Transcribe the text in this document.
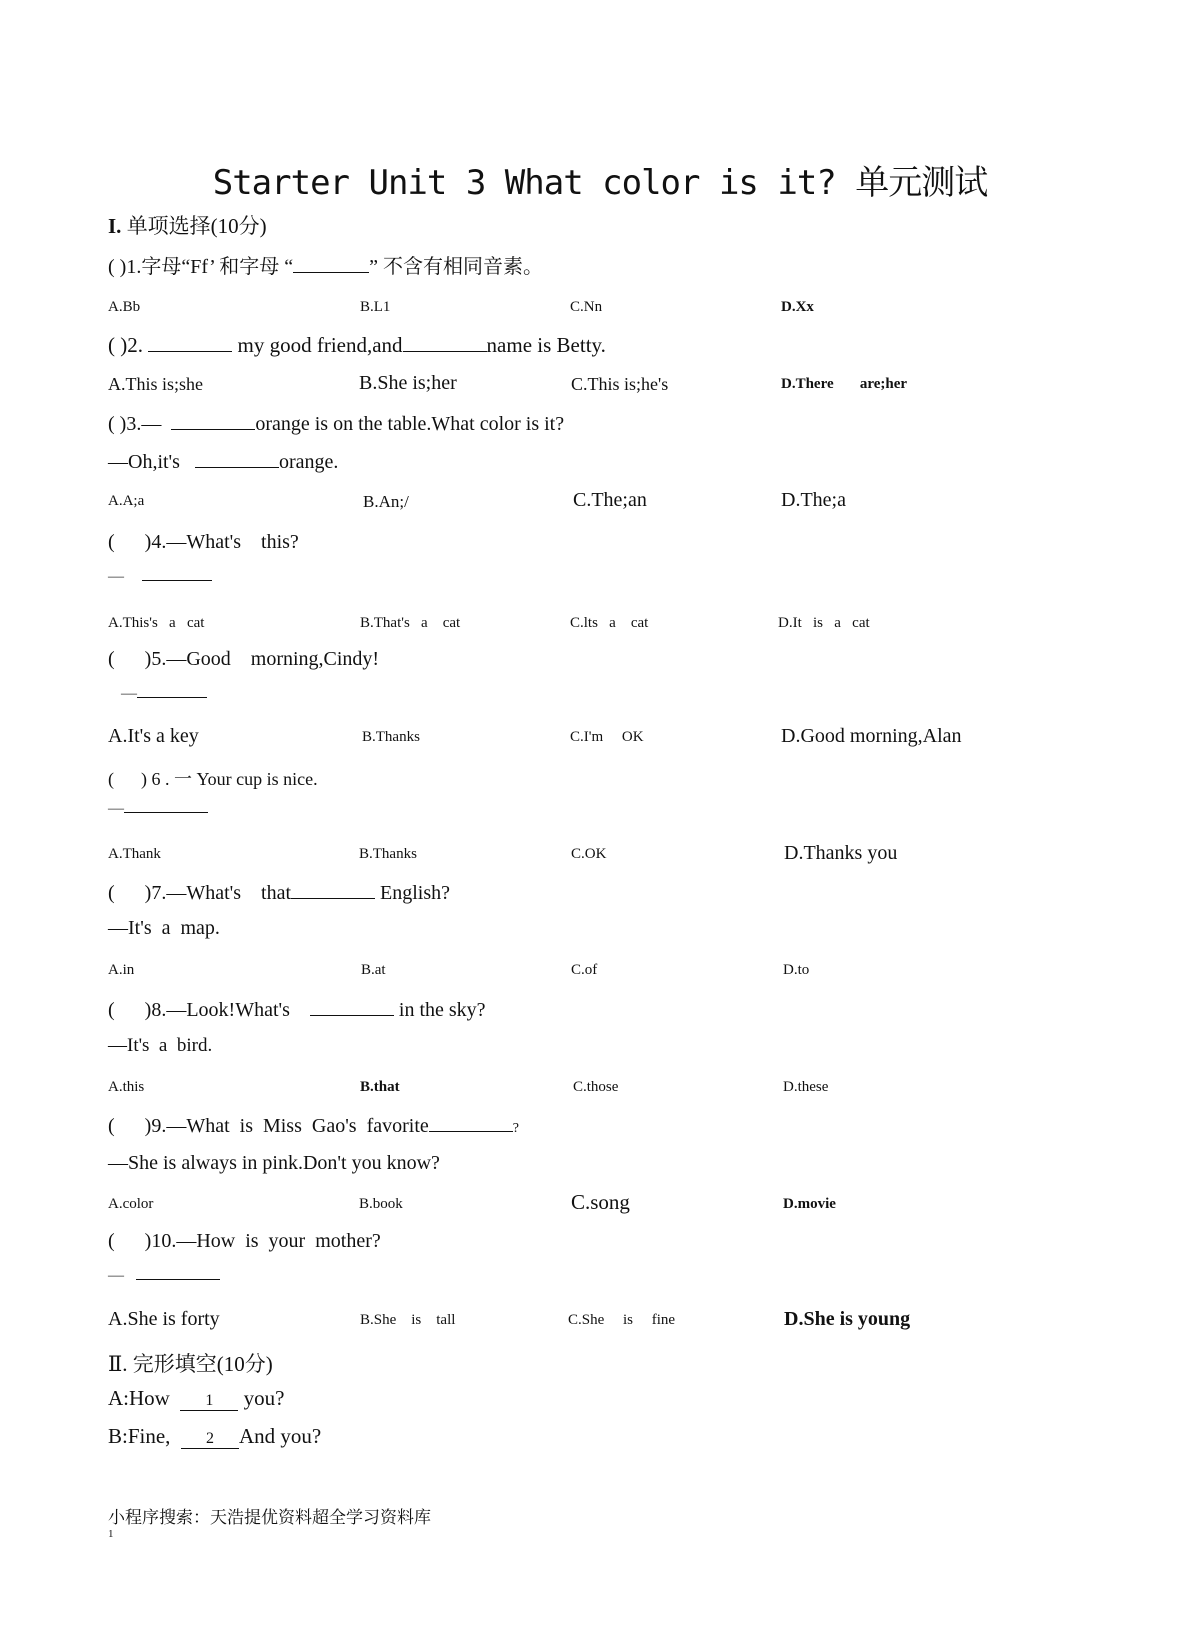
Starter Unit 3 What color is it? 单元测试
I. 单项选择(10分)
( )1.字母“Ff’ 和字母 “	” 不含有相同音素。
A.Bb	B.L1	C.Nn	D.Xx
( )2.	my good friend,and	name is Betty.
A.This is;she	B.She is;her	C.This is;he's	D.There       are;her
( )3.—	orange is on the table.What color is it?
—Oh,it's	orange.
A.A;a	B.An;/	C.The;an	D.The;a
(      )4.—What's    this?
—
A.This's   a   cat	B.That's   a    cat	C.lts   a    cat	D.It   is   a   cat
(      )5.—Good    morning,Cindy!
—
A.It's a key	B.Thanks	C.I'm     OK	D.Good morning,Alan
(      ) 6 . 一 Your cup is nice.
—
A.Thank	B.Thanks	C.OK	D.Thanks you
(      )7.—What's    that	English?
—It's  a  map.
A.in	B.at	C.of	D.to
(      )8.—Look!What's	in the sky?
—It's  a  bird.
A.this	B.that	C.those	D.these
(      )9.—What  is  Miss  Gao's  favorite	?
—She is always in pink.Don't you know?
A.color	B.book	C.song	D.movie
(      )10.—How  is  your  mother?
—
A.She is forty	B.She    is    tall	C.She     is     fine	D.She is young
Ⅱ. 完形填空(10分)
A:How 1 you?
B:Fine, 2 And you?
小程序搜索：天浩提优资料超全学习资料库
1
